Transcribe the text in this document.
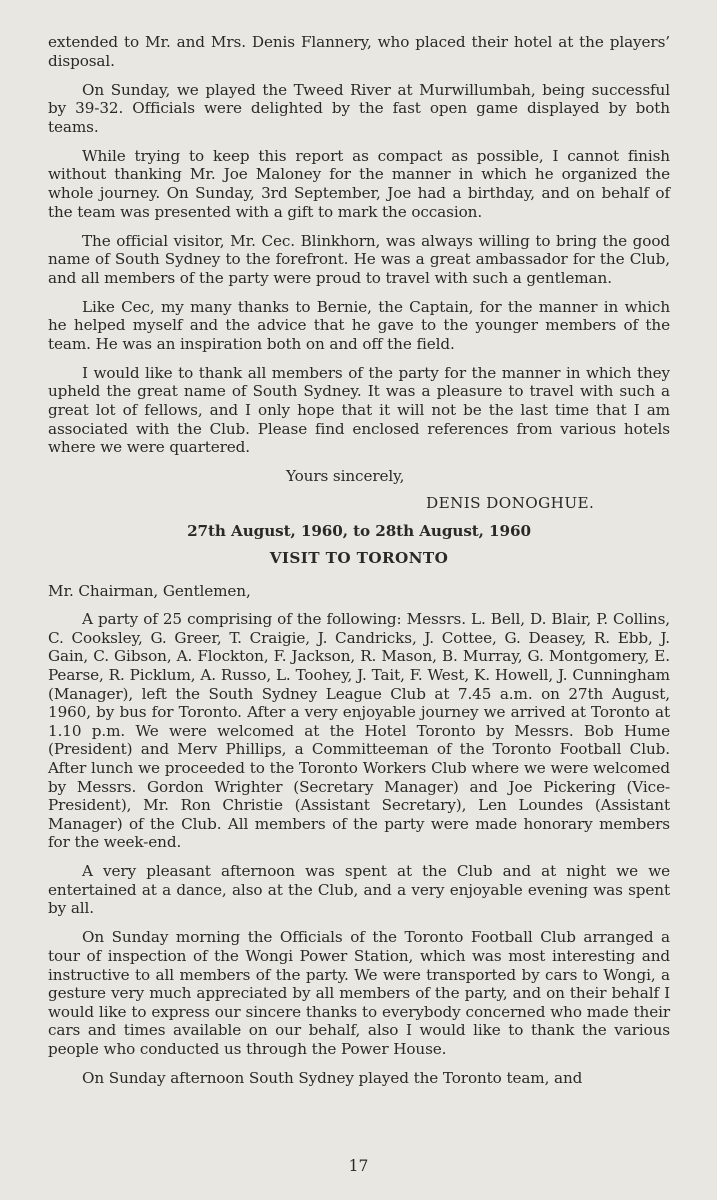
extended to Mr. and Mrs. Denis Flannery, who placed their hotel at the players’ disposal.

On Sunday, we played the Tweed River at Murwillumbah, being successful by 39-32. Officials were delighted by the fast open game displayed by both teams.

While trying to keep this report as compact as possible, I cannot finish without thanking Mr. Joe Maloney for the manner in which he organized the whole journey. On Sunday, 3rd September, Joe had a birthday, and on behalf of the team was presented with a gift to mark the occasion.

The official visitor, Mr. Cec. Blinkhorn, was always willing to bring the good name of South Sydney to the forefront. He was a great ambassador for the Club, and all members of the party were proud to travel with such a gentleman.

Like Cec, my many thanks to Bernie, the Captain, for the manner in which he helped myself and the advice that he gave to the younger members of the team. He was an inspiration both on and off the field.

I would like to thank all members of the party for the manner in which they upheld the great name of South Sydney. It was a pleasure to travel with such a great lot of fellows, and I only hope that it will not be the last time that I am associated with the Club. Please find enclosed references from various hotels where we were quartered.

Yours sincerely,
DENIS DONOGHUE.
27th August, 1960, to 28th August, 1960
VISIT TO TORONTO
Mr. Chairman, Gentlemen,

A party of 25 comprising of the following: Messrs. L. Bell, D. Blair, P. Collins, C. Cooksley, G. Greer, T. Craigie, J. Candricks, J. Cottee, G. Deasey, R. Ebb, J. Gain, C. Gibson, A. Flockton, F. Jackson, R. Mason, B. Murray, G. Montgomery, E. Pearse, R. Picklum, A. Russo, L. Toohey, J. Tait, F. West, K. Howell, J. Cunningham (Manager), left the South Sydney League Club at 7.45 a.m. on 27th August, 1960, by bus for Toronto. After a very enjoyable journey we arrived at Toronto at 1.10 p.m. We were welcomed at the Hotel Toronto by Messrs. Bob Hume (President) and Merv Phillips, a Committeeman of the Toronto Football Club. After lunch we proceeded to the Toronto Workers Club where we were welcomed by Messrs. Gordon Wrighter (Secretary Manager) and Joe Pickering (Vice-President), Mr. Ron Christie (Assistant Secretary), Len Loundes (Assistant Manager) of the Club. All members of the party were made honorary members for the week-end.

A very pleasant afternoon was spent at the Club and at night we we entertained at a dance, also at the Club, and a very enjoyable evening was spent by all.

On Sunday morning the Officials of the Toronto Football Club arranged a tour of inspection of the Wongi Power Station, which was most interesting and instructive to all members of the party. We were transported by cars to Wongi, a gesture very much appreciated by all members of the party, and on their behalf I would like to express our sincere thanks to everybody concerned who made their cars and times available on our behalf, also I would like to thank the various people who conducted us through the Power House.

On Sunday afternoon South Sydney played the Toronto team, and

17
